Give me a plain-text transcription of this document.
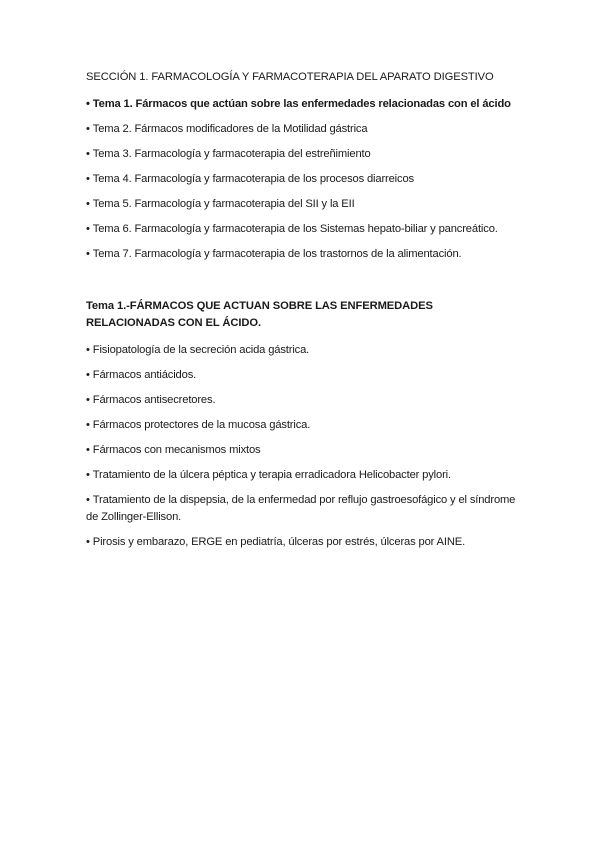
SECCIÓN 1. FARMACOLOGÍA Y FARMACOTERAPIA DEL APARATO DIGESTIVO
• Tema 1. Fármacos que actúan sobre las enfermedades relacionadas con el ácido
• Tema 2. Fármacos modificadores de la Motilidad gástrica
• Tema 3. Farmacología y farmacoterapia del estreñimiento
• Tema 4. Farmacología y farmacoterapia de los procesos diarreicos
• Tema 5. Farmacología y farmacoterapia del SII y la EII
• Tema 6. Farmacología y farmacoterapia de los Sistemas hepato-biliar y pancreático.
• Tema 7. Farmacología y farmacoterapia de los trastornos de la alimentación.
Tema 1.-FÁRMACOS QUE ACTUAN SOBRE LAS ENFERMEDADES RELACIONADAS CON EL ÁCIDO.
• Fisiopatología de la secreción acida gástrica.
• Fármacos antiácidos.
• Fármacos antisecretores.
• Fármacos protectores de la mucosa gástrica.
• Fármacos con mecanismos mixtos
• Tratamiento de la úlcera péptica y terapia erradicadora Helicobacter pylori.
• Tratamiento de la dispepsia, de la enfermedad por reflujo gastroesofágico y el síndrome de Zollinger-Ellison.
• Pirosis y embarazo, ERGE en pediatría, úlceras por estrés, úlceras por AINE.
